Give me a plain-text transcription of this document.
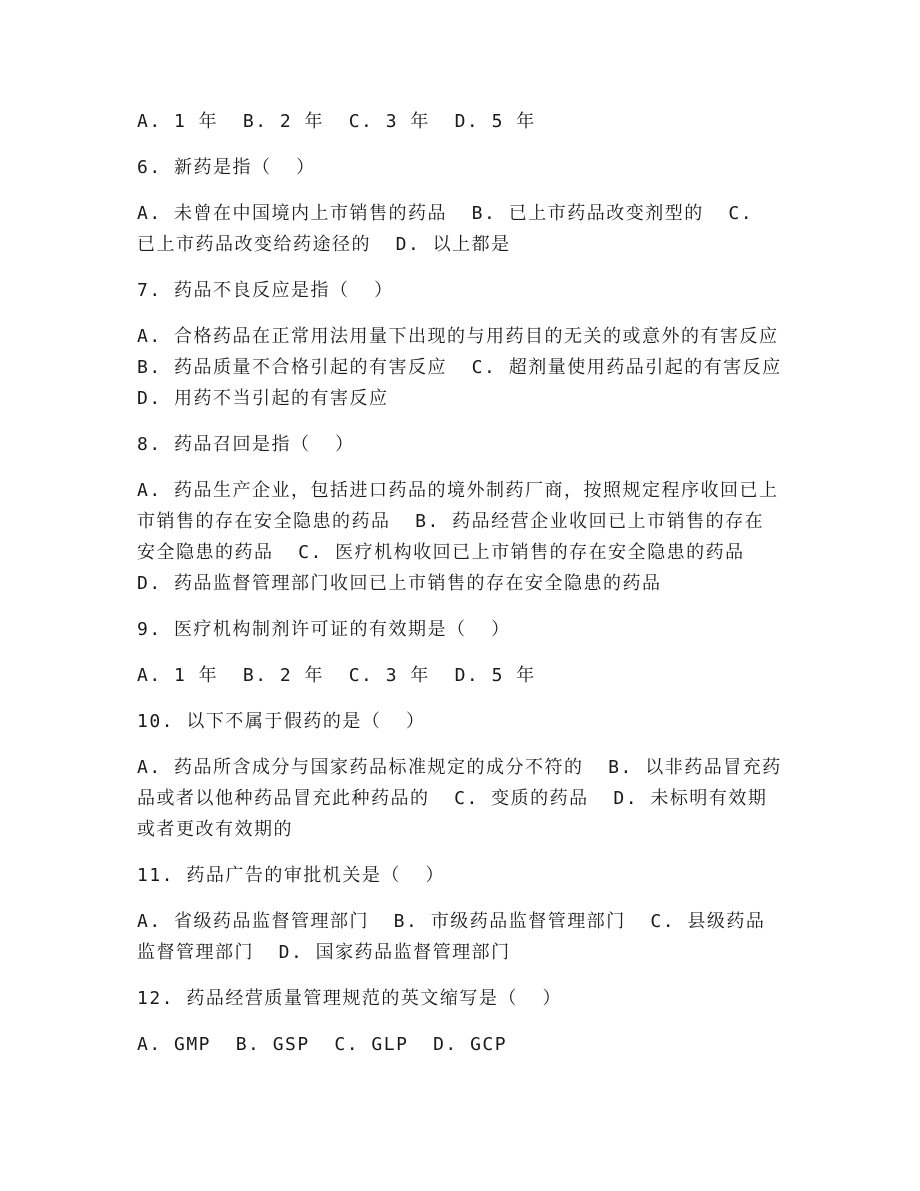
A. 1 年  B. 2 年  C. 3 年  D. 5 年

6. 新药是指（  ）

A. 未曾在中国境内上市销售的药品  B. 已上市药品改变剂型的  C. 已上市药品改变给药途径的  D. 以上都是

7. 药品不良反应是指（  ）

A. 合格药品在正常用法用量下出现的与用药目的无关的或意外的有害反应  B. 药品质量不合格引起的有害反应  C. 超剂量使用药品引起的有害反应  D. 用药不当引起的有害反应

8. 药品召回是指（  ）

A. 药品生产企业，包括进口药品的境外制药厂商，按照规定程序收回已上市销售的存在安全隐患的药品  B. 药品经营企业收回已上市销售的存在安全隐患的药品  C. 医疗机构收回已上市销售的存在安全隐患的药品  D. 药品监督管理部门收回已上市销售的存在安全隐患的药品

9. 医疗机构制剂许可证的有效期是（  ）

A. 1 年  B. 2 年  C. 3 年  D. 5 年

10. 以下不属于假药的是（  ）

A. 药品所含成分与国家药品标准规定的成分不符的  B. 以非药品冒充药品或者以他种药品冒充此种药品的  C. 变质的药品  D. 未标明有效期或者更改有效期的

11. 药品广告的审批机关是（  ）

A. 省级药品监督管理部门  B. 市级药品监督管理部门  C. 县级药品监督管理部门  D. 国家药品监督管理部门

12. 药品经营质量管理规范的英文缩写是（  ）

A. GMP  B. GSP  C. GLP  D. GCP
